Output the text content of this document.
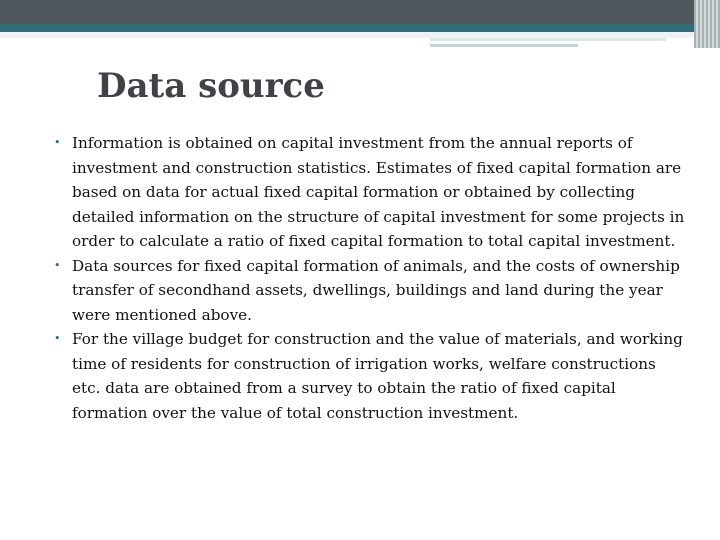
Data source
• Information is obtained on capital investment from the annual reports of investment and construction statistics. Estimates of fixed capital formation are based on data for actual fixed capital formation or obtained by collecting detailed information on the structure of capital investment for some projects in order to calculate a ratio of fixed capital formation to total capital investment.
• Data sources for fixed capital formation of animals, and the costs of ownership transfer of secondhand assets, dwellings, buildings and land during the year were mentioned above.
• For the village budget for construction and the value of materials, and working time of residents for construction of irrigation works, welfare constructions etc. data are obtained from a survey to obtain the ratio of fixed capital formation over the value of total construction investment.
